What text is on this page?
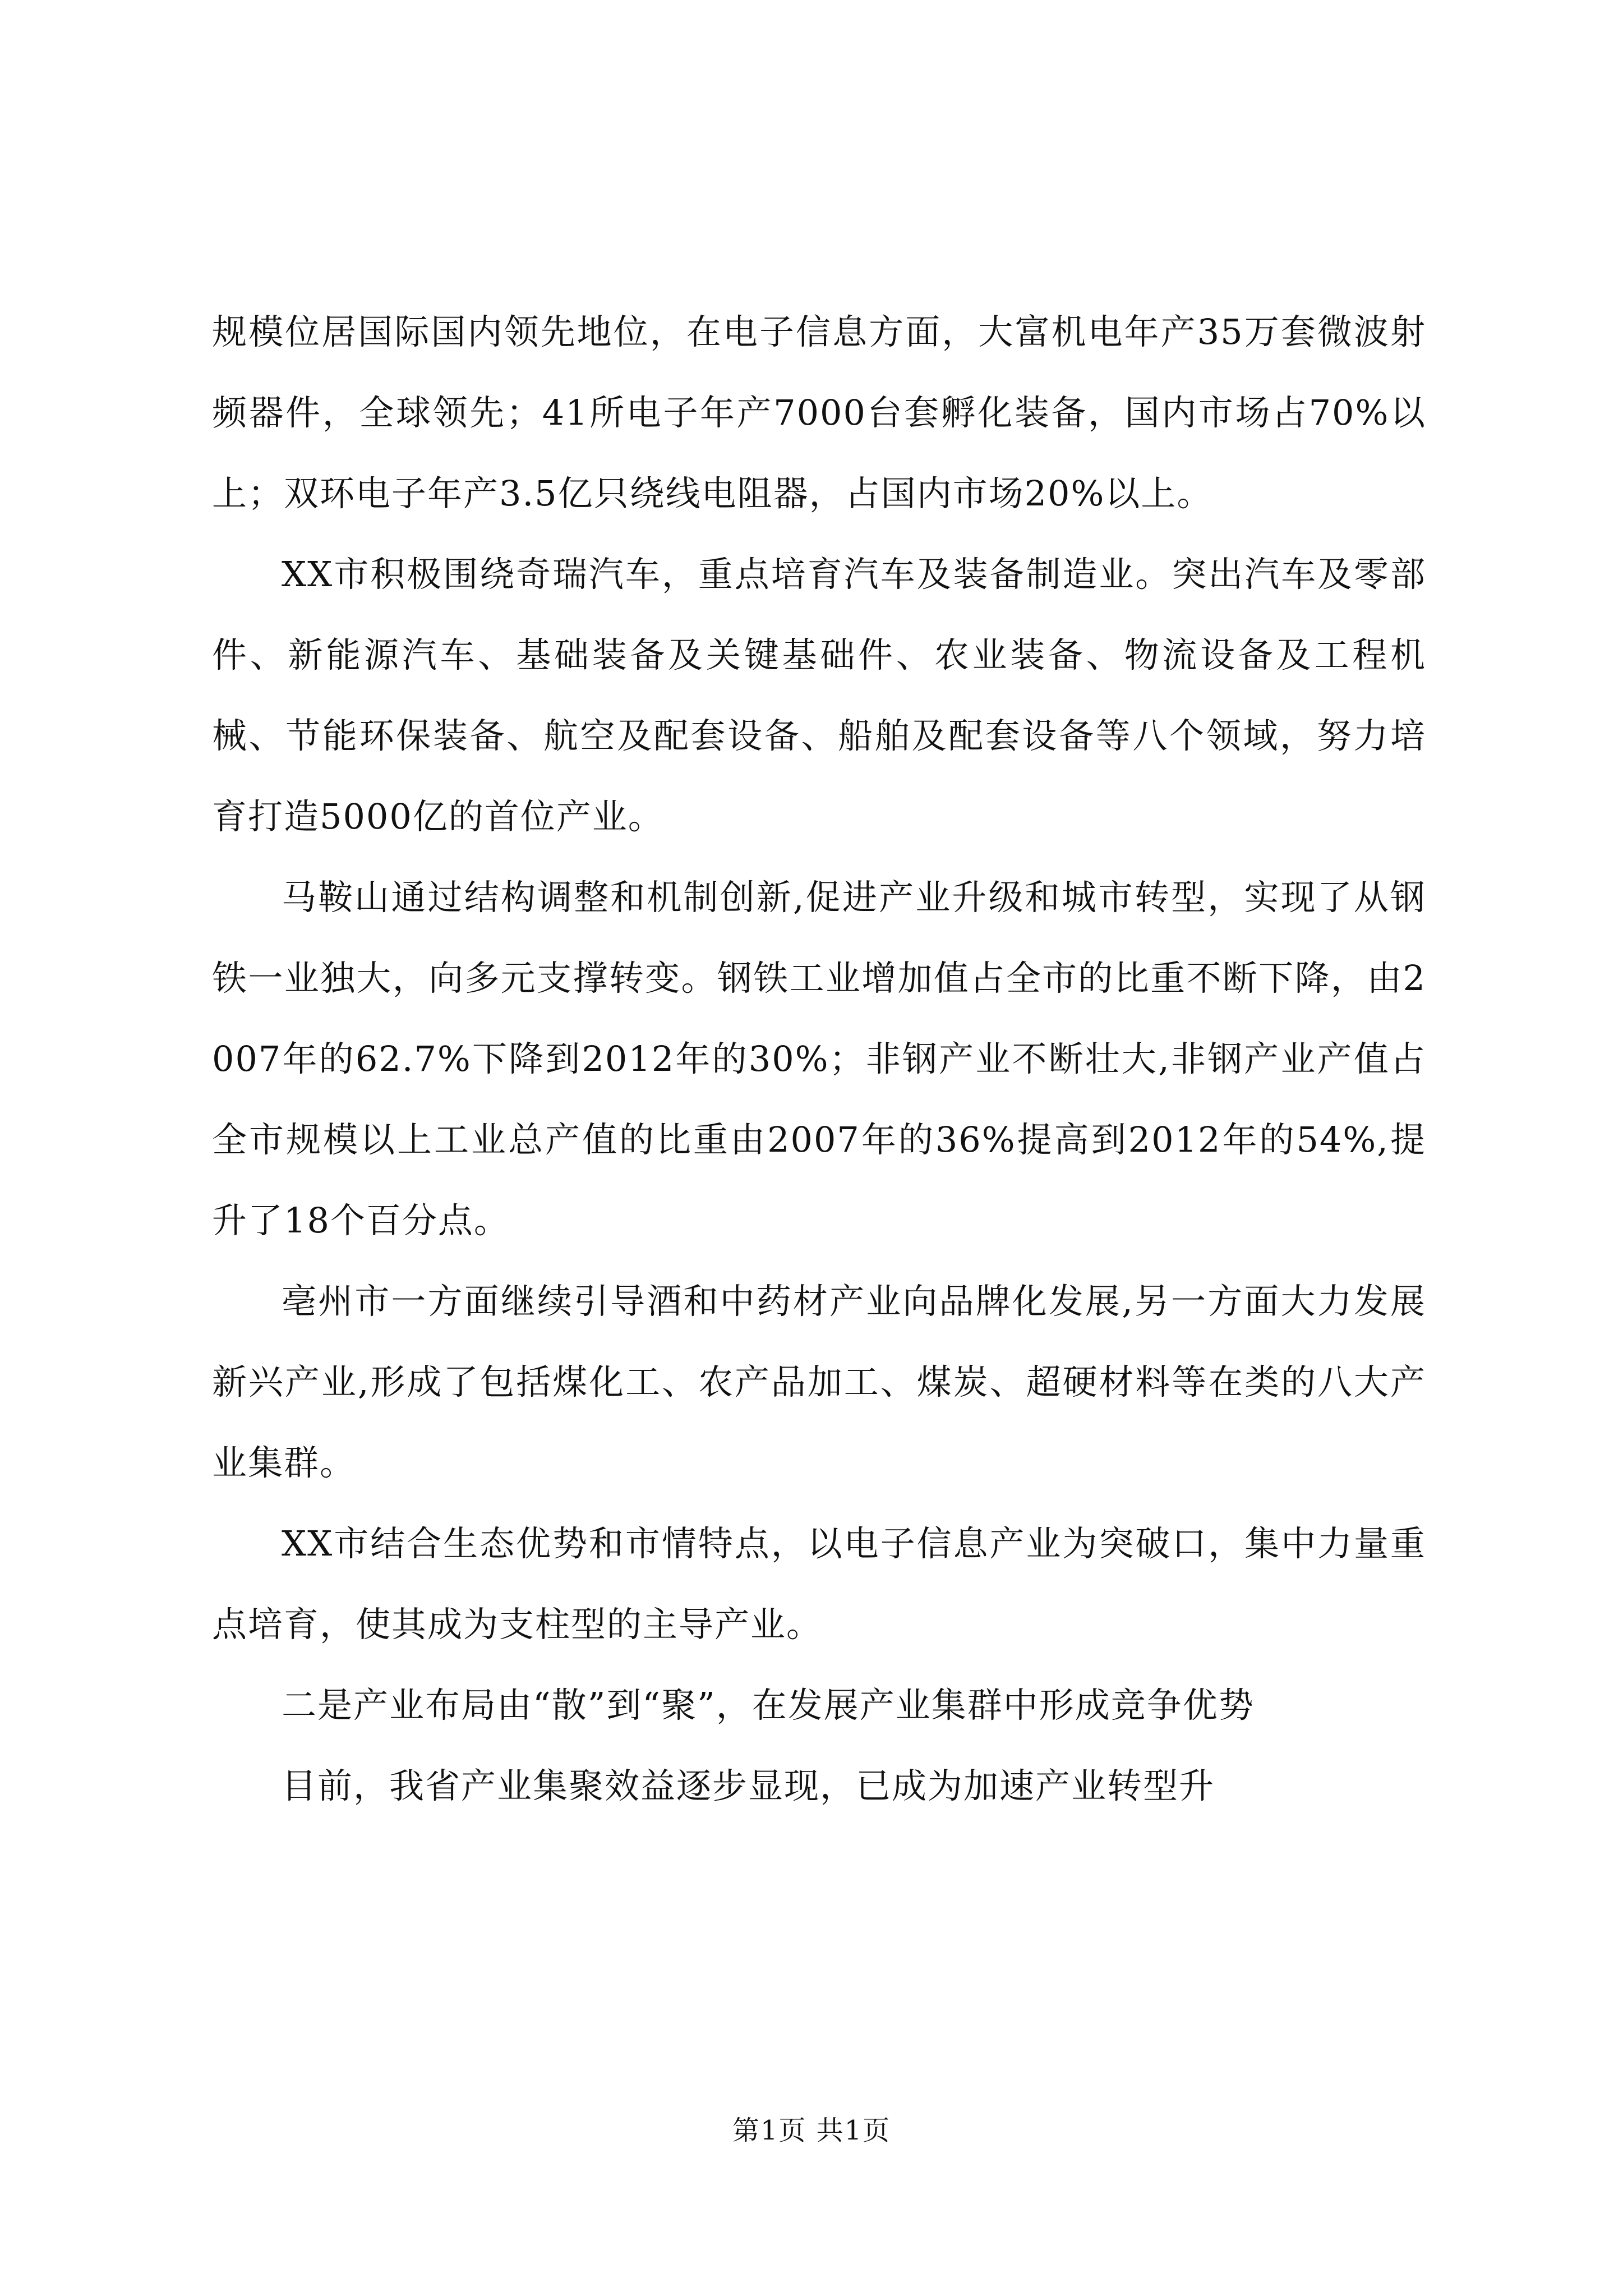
规模位居国际国内领先地位，在电子信息方面，大富机电年产35万套微波射频器件，全球领先；41所电子年产7000台套孵化装备，国内市场占70%以上；双环电子年产3.5亿只绕线电阻器，占国内市场20%以上。

XX市积极围绕奇瑞汽车，重点培育汽车及装备制造业。突出汽车及零部件、新能源汽车、基础装备及关键基础件、农业装备、物流设备及工程机械、节能环保装备、航空及配套设备、船舶及配套设备等八个领域，努力培育打造5000亿的首位产业。

马鞍山通过结构调整和机制创新,促进产业升级和城市转型，实现了从钢铁一业独大，向多元支撑转变。钢铁工业增加值占全市的比重不断下降，由2007年的62.7%下降到2012年的30%；非钢产业不断壮大,非钢产业产值占全市规模以上工业总产值的比重由2007年的36%提高到2012年的54%,提升了18个百分点。

亳州市一方面继续引导酒和中药材产业向品牌化发展,另一方面大力发展新兴产业,形成了包括煤化工、农产品加工、煤炭、超硬材料等在类的八大产业集群。

XX市结合生态优势和市情特点，以电子信息产业为突破口，集中力量重点培育，使其成为支柱型的主导产业。

二是产业布局由“散”到“聚”，在发展产业集群中形成竞争优势

目前，我省产业集聚效益逐步显现，已成为加速产业转型升

第1页 共1页
